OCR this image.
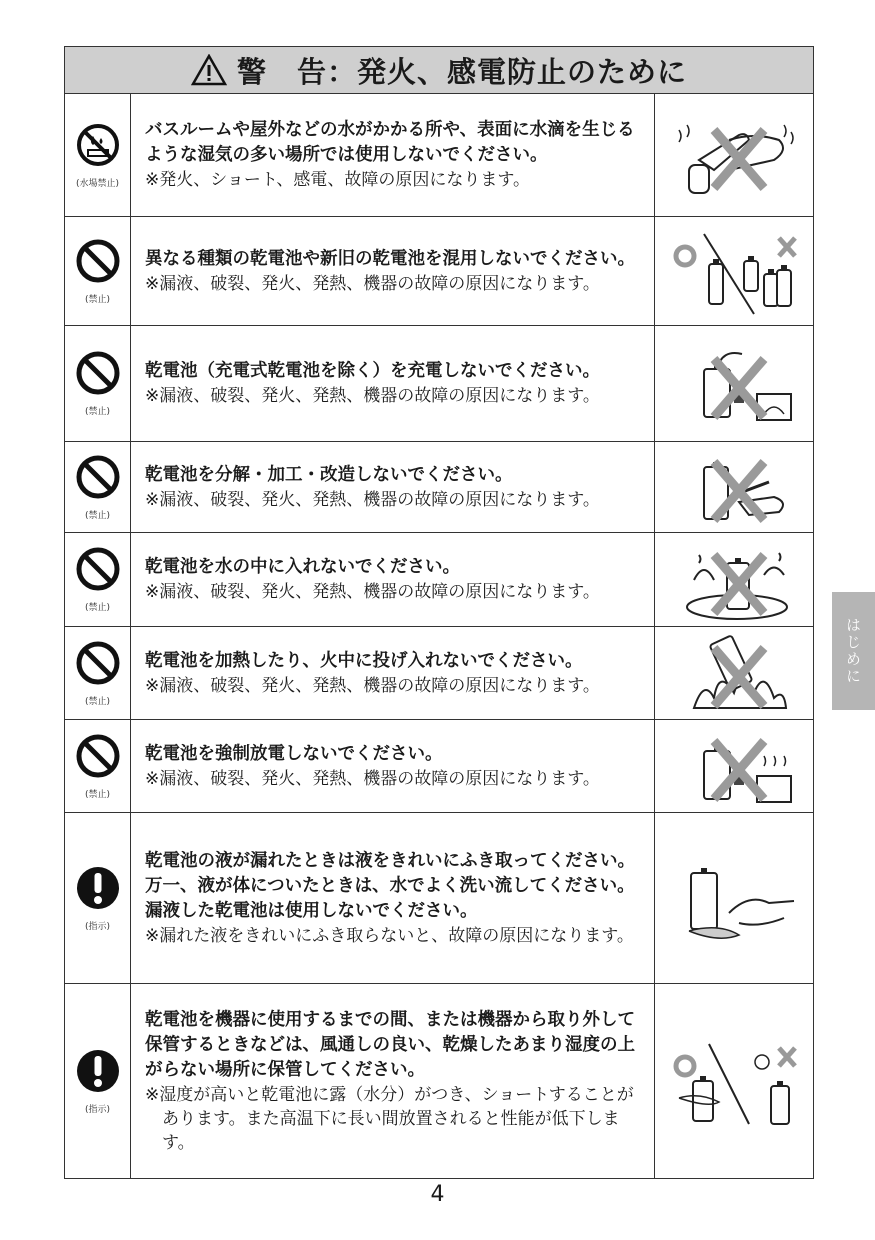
警　告：発火、感電防止のために
(水場禁止)
バスルームや屋外などの水がかかる所や、表面に水滴を生じるような湿気の多い場所では使用しないでください。
※発火、ショート、感電、故障の原因になります。
(禁止)
異なる種類の乾電池や新旧の乾電池を混用しないでください。
※漏液、破裂、発火、発熱、機器の故障の原因になります。
(禁止)
乾電池（充電式乾電池を除く）を充電しないでください。
※漏液、破裂、発火、発熱、機器の故障の原因になります。
(禁止)
乾電池を分解・加工・改造しないでください。
※漏液、破裂、発火、発熱、機器の故障の原因になります。
(禁止)
乾電池を水の中に入れないでください。
※漏液、破裂、発火、発熱、機器の故障の原因になります。
(禁止)
乾電池を加熱したり、火中に投げ入れないでください。
※漏液、破裂、発火、発熱、機器の故障の原因になります。
(禁止)
乾電池を強制放電しないでください。
※漏液、破裂、発火、発熱、機器の故障の原因になります。
(指示)
乾電池の液が漏れたときは液をきれいにふき取ってください。万一、液が体についたときは、水でよく洗い流してください。漏液した乾電池は使用しないでください。
※漏れた液をきれいにふき取らないと、故障の原因になります。
(指示)
乾電池を機器に使用するまでの間、または機器から取り外して保管するときなどは、風通しの良い、乾燥したあまり湿度の上がらない場所に保管してください。
※湿度が高いと乾電池に露（水分）がつき、ショートすることがあります。また高温下に長い間放置されると性能が低下します。
4
はじめに
